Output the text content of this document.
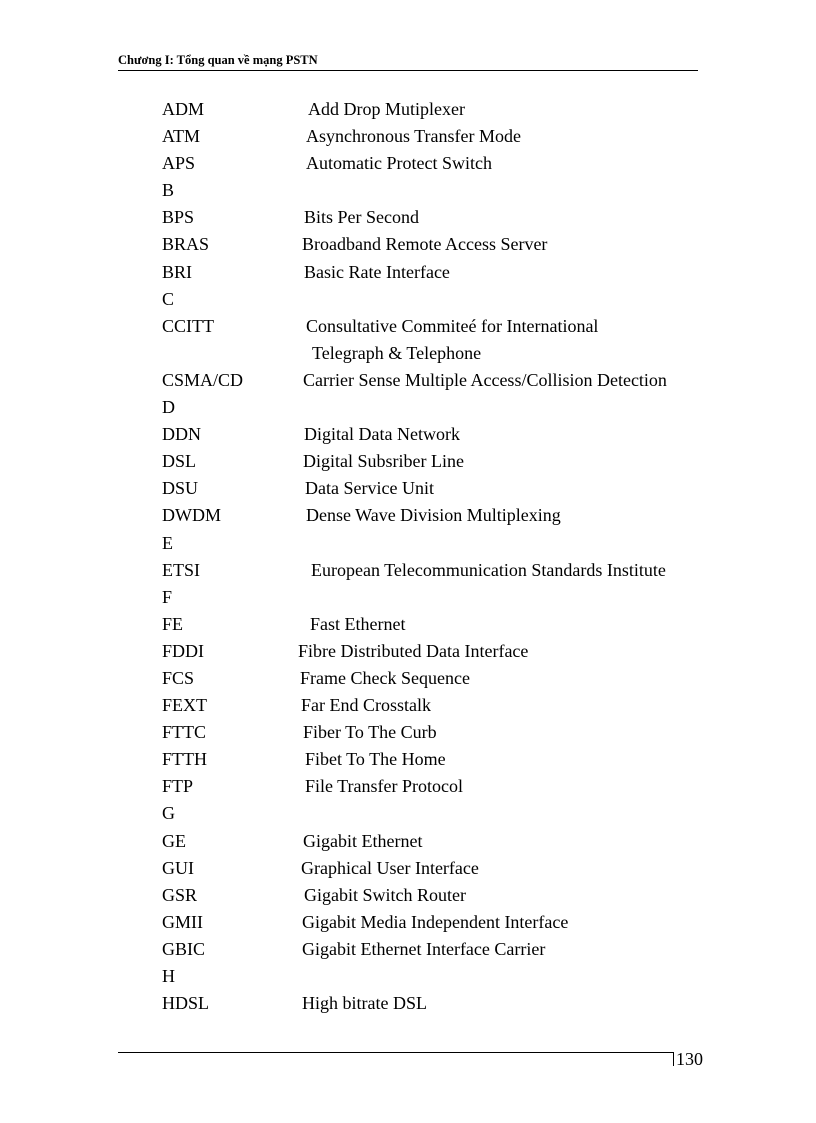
Chương I: Tổng quan về mạng PSTN
ADM	Add Drop Mutiplexer
ATM	Asynchronous Transfer Mode
APS	Automatic Protect Switch
B
BPS	Bits Per Second
BRAS	Broadband Remote Access Server
BRI	Basic Rate Interface
C
CCITT	Consultative Commiteé for International
Telegraph & Telephone
CSMA/CD	Carrier Sense Multiple Access/Collision Detection
D
DDN	Digital Data Network
DSL	Digital Subsriber Line
DSU	Data Service Unit
DWDM	Dense Wave Division Multiplexing
E
ETSI	European Telecommunication Standards Institute
F
FE	Fast Ethernet
FDDI	Fibre Distributed Data Interface
FCS	Frame Check Sequence
FEXT	Far End Crosstalk
FTTC	Fiber To The Curb
FTTH	Fibet To The Home
FTP	File Transfer Protocol
G
GE	Gigabit Ethernet
GUI	Graphical User Interface
GSR	Gigabit Switch Router
GMII	Gigabit Media Independent Interface
GBIC	Gigabit Ethernet Interface Carrier
H
HDSL	High bitrate DSL
130
